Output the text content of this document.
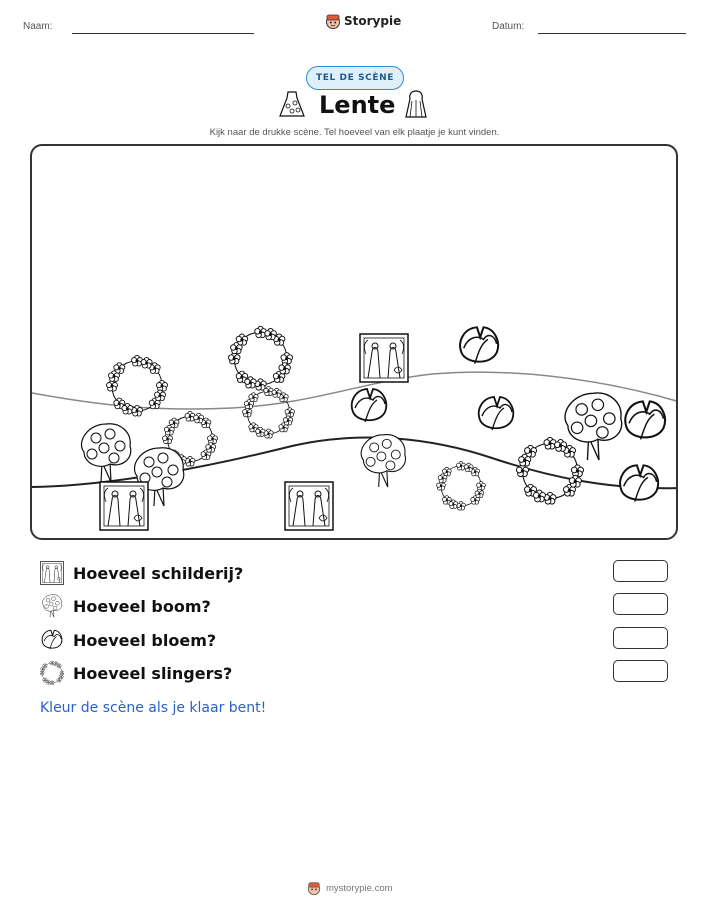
Naam:	Storypie	Datum:
TEL DE SCÈNE
Lente
Kijk naar de drukke scène. Tel hoeveel van elk plaatje je kunt vinden.
Hoeveel schilderij?
Hoeveel boom?
Hoeveel bloem?
Hoeveel slingers?
Kleur de scène als je klaar bent!
mystorypie.com
